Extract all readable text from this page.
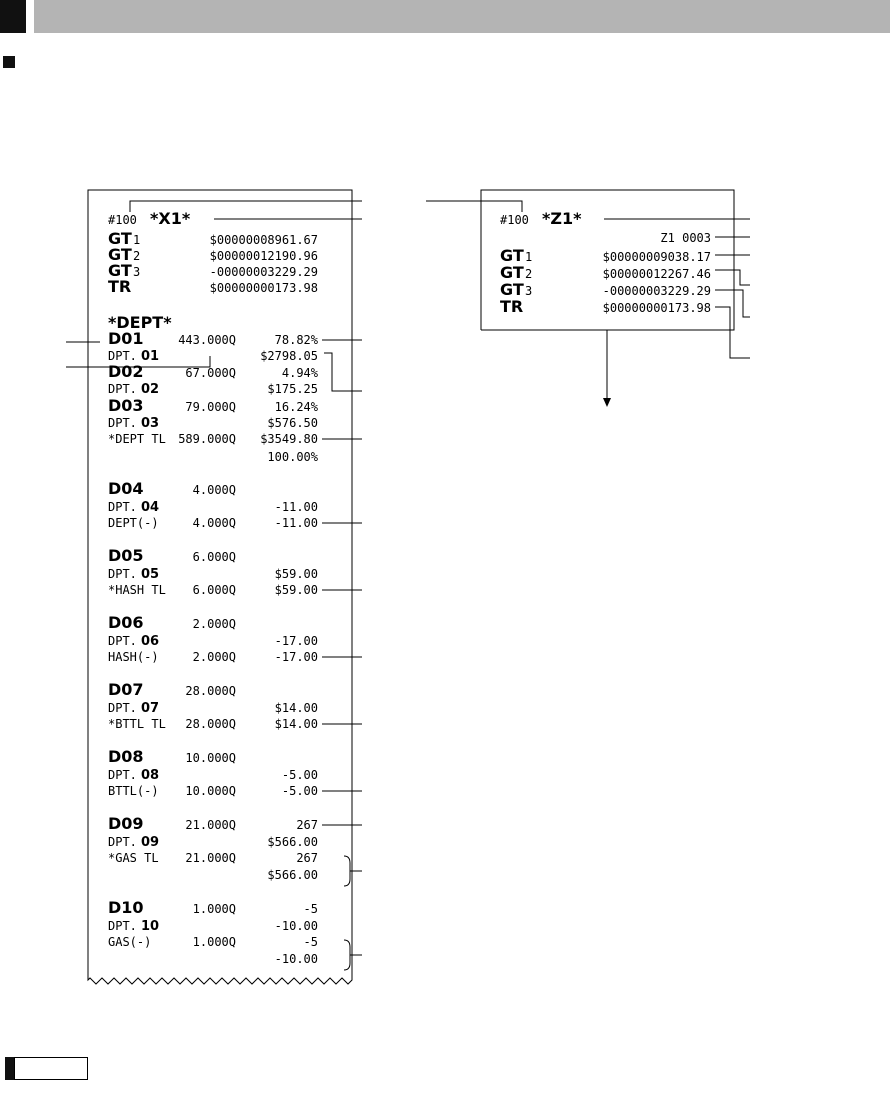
#100 *X1*
GT 1	$00000008961.67
GT 2	$00000012190.96
GT 3	-00000003229.29
TR	$00000000173.98
*DEPT*
D01	443.000Q	78.82%
DPT. 01	$2798.05
D02	67.000Q	4.94%
DPT. 02	$175.25
D03	79.000Q	16.24%
DPT. 03	$576.50
*DEPT TL 589.000Q $3549.80
100.00%
D04	4.000Q
DPT. 04	-11.00
DEPT(-)	4.000Q	-11.00
D05	6.000Q
DPT. 05	$59.00
*HASH TL 6.000Q	$59.00
D06	2.000Q
DPT. 06	-17.00
HASH(-)	2.000Q	-17.00
D07	28.000Q
DPT. 07	$14.00
*BTTL TL 28.000Q	$14.00
D08	10.000Q
DPT. 08	-5.00
BTTL(-) 10.000Q	-5.00
D09	21.000Q	267
DPT. 09	$566.00
*GAS TL 21.000Q	267
$566.00
D10	1.000Q	-5
DPT. 10	-10.00
GAS(-)	1.000Q	-5
-10.00
#100 *Z1*
Z1 0003
GT 1	$00000009038.17
GT 2	$00000012267.46
GT 3	-00000003229.29
TR	$00000000173.98
